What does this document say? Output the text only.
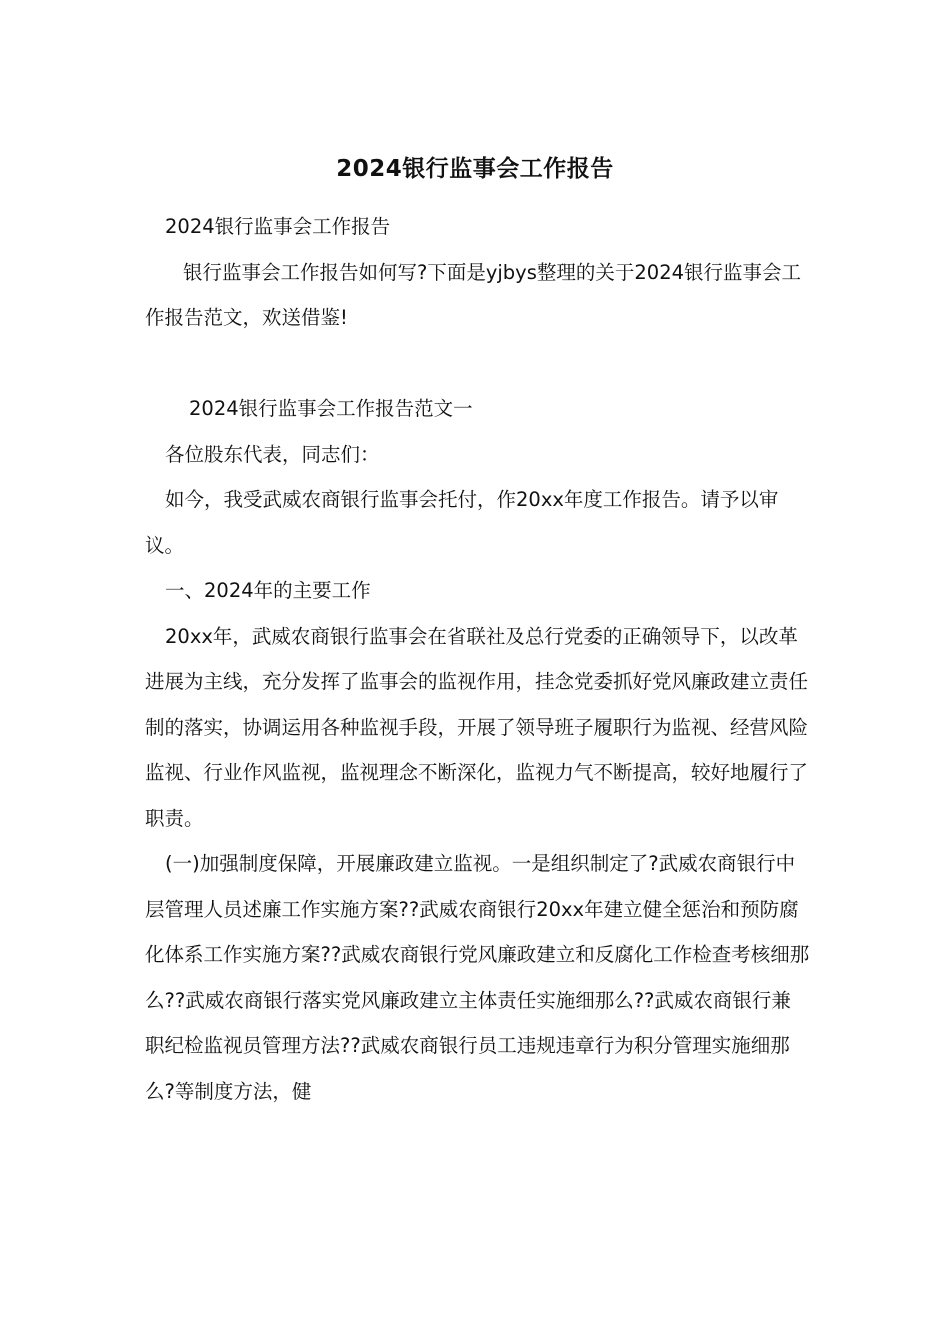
2024银行监事会工作报告

2024银行监事会工作报告

银行监事会工作报告如何写?下面是yjbys整理的关于2024银行监事会工作报告范文，欢送借鉴!

2024银行监事会工作报告范文一

各位股东代表，同志们：

如今，我受武威农商银行监事会托付，作20xx年度工作报告。请予以审议。

一、2024年的主要工作

20xx年，武威农商银行监事会在省联社及总行党委的正确领导下，以改革进展为主线，充分发挥了监事会的监视作用，挂念党委抓好党风廉政建立责任制的落实，协调运用各种监视手段，开展了领导班子履职行为监视、经营风险监视、行业作风监视，监视理念不断深化，监视力气不断提高，较好地履行了职责。

(一)加强制度保障，开展廉政建立监视。一是组织制定了?武威农商银行中层管理人员述廉工作实施方案??武威农商银行20xx年建立健全惩治和预防腐化体系工作实施方案??武威农商银行党风廉政建立和反腐化工作检查考核细那么??武威农商银行落实党风廉政建立主体责任实施细那么??武威农商银行兼职纪检监视员管理方法??武威农商银行员工违规违章行为积分管理实施细那么?等制度方法，健
